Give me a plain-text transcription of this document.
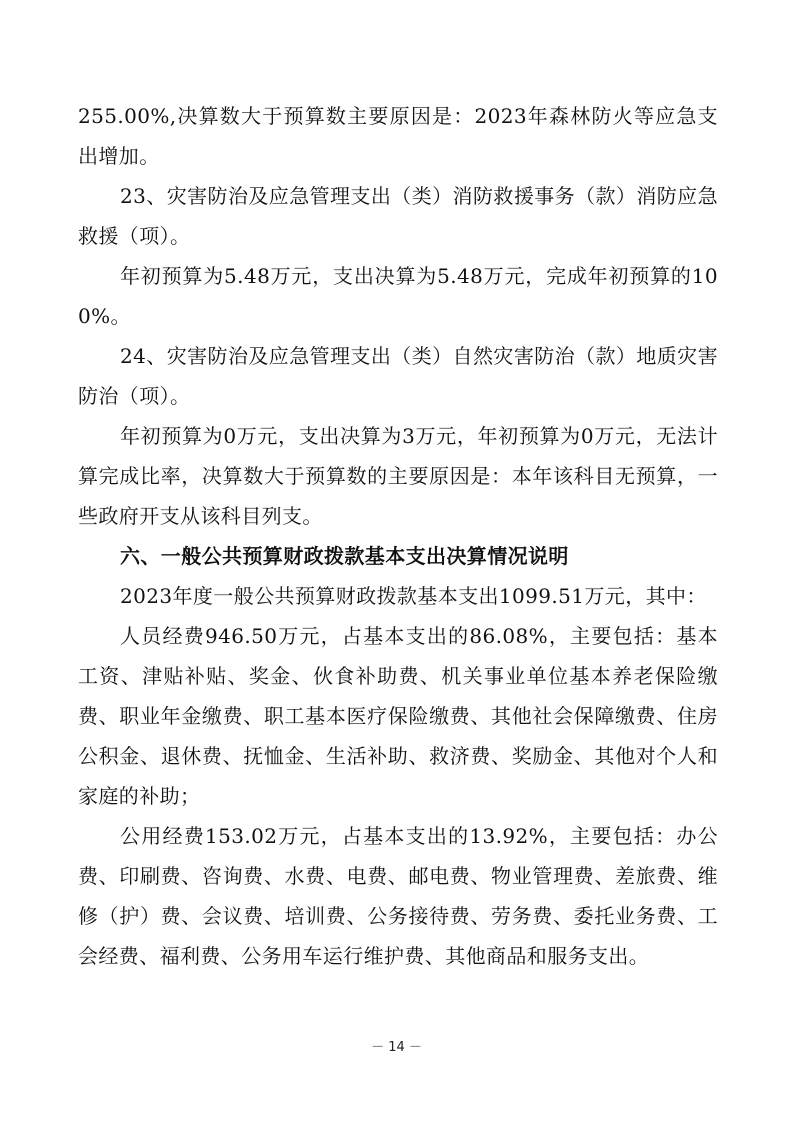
255.00%,决算数大于预算数主要原因是：2023年森林防火等应急支出增加。

23、灾害防治及应急管理支出（类）消防救援事务（款）消防应急救援（项）。

年初预算为5.48万元，支出决算为5.48万元，完成年初预算的100%。

24、灾害防治及应急管理支出（类）自然灾害防治（款）地质灾害防治（项）。

年初预算为0万元，支出决算为3万元，年初预算为0万元，无法计算完成比率，决算数大于预算数的主要原因是：本年该科目无预算，一些政府开支从该科目列支。

六、一般公共预算财政拨款基本支出决算情况说明

2023年度一般公共预算财政拨款基本支出1099.51万元，其中：

人员经费946.50万元，占基本支出的86.08%，主要包括：基本工资、津贴补贴、奖金、伙食补助费、机关事业单位基本养老保险缴费、职业年金缴费、职工基本医疗保险缴费、其他社会保障缴费、住房公积金、退休费、抚恤金、生活补助、救济费、奖励金、其他对个人和家庭的补助；

公用经费153.02万元，占基本支出的13.92%，主要包括：办公费、印刷费、咨询费、水费、电费、邮电费、物业管理费、差旅费、维修（护）费、会议费、培训费、公务接待费、劳务费、委托业务费、工会经费、福利费、公务用车运行维护费、其他商品和服务支出。

－ 14 －
